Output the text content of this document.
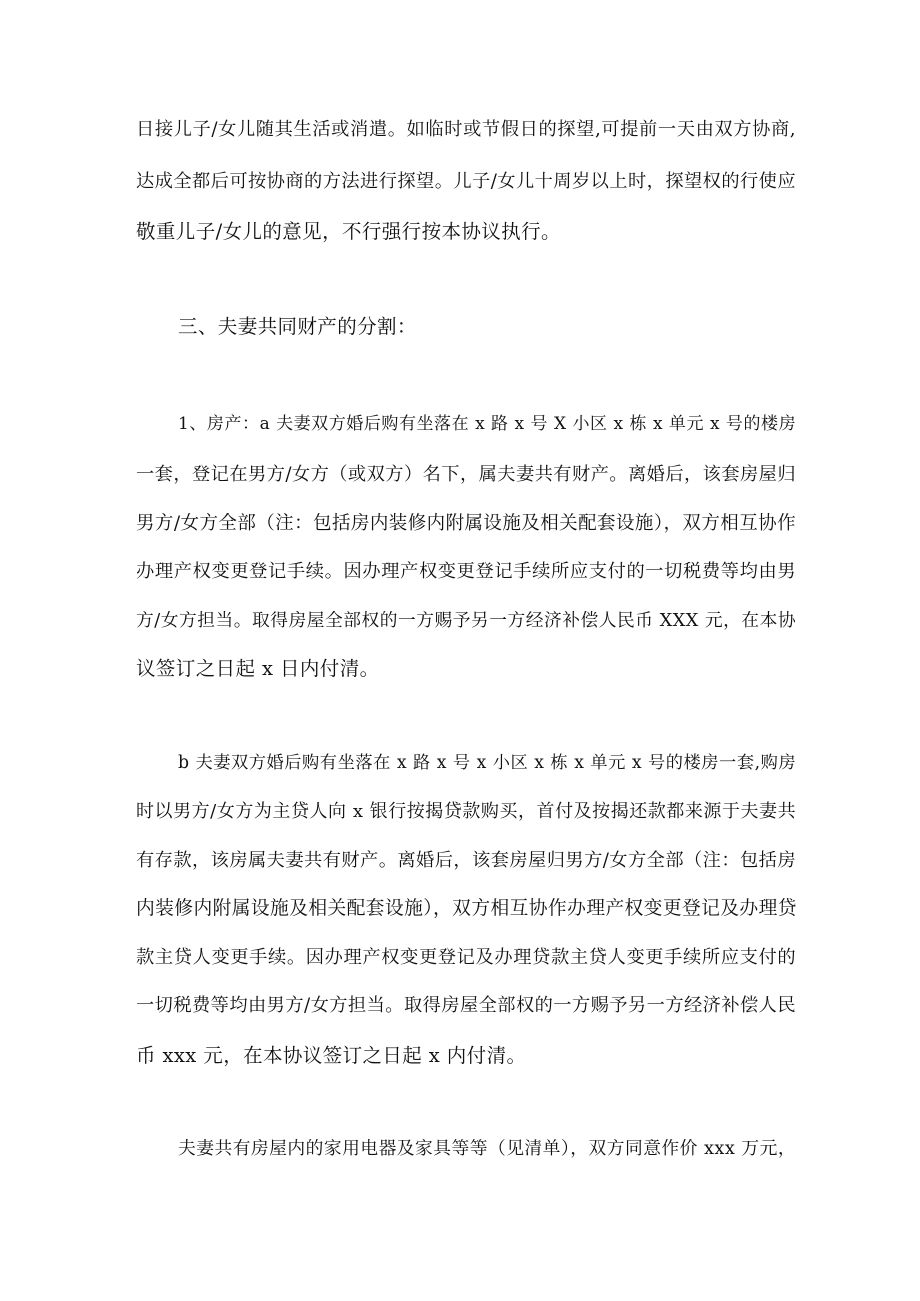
日接儿子/女儿随其生活或消遣。如临时或节假日的探望,可提前一天由双方协商,
达成全都后可按协商的方法进行探望。儿子/女儿十周岁以上时，探望权的行使应
敬重儿子/女儿的意见，不行强行按本协议执行。
三、夫妻共同财产的分割：
1、房产：a 夫妻双方婚后购有坐落在 x 路 x 号 X 小区 x 栋 x 单元 x 号的楼房
一套，登记在男方/女方（或双方）名下，属夫妻共有财产。离婚后，该套房屋归
男方/女方全部（注：包括房内装修内附属设施及相关配套设施），双方相互协作
办理产权变更登记手续。因办理产权变更登记手续所应支付的一切税费等均由男
方/女方担当。取得房屋全部权的一方赐予另一方经济补偿人民币 XXX 元，在本协
议签订之日起 x 日内付清。
b 夫妻双方婚后购有坐落在 x 路 x 号 x 小区 x 栋 x 单元 x 号的楼房一套,购房
时以男方/女方为主贷人向 x 银行按揭贷款购买，首付及按揭还款都来源于夫妻共
有存款，该房属夫妻共有财产。离婚后，该套房屋归男方/女方全部（注：包括房
内装修内附属设施及相关配套设施），双方相互协作办理产权变更登记及办理贷
款主贷人变更手续。因办理产权变更登记及办理贷款主贷人变更手续所应支付的
一切税费等均由男方/女方担当。取得房屋全部权的一方赐予另一方经济补偿人民
币 xxx 元，在本协议签订之日起 x 内付清。
夫妻共有房屋内的家用电器及家具等等（见清单），双方同意作价 xxx 万元，
